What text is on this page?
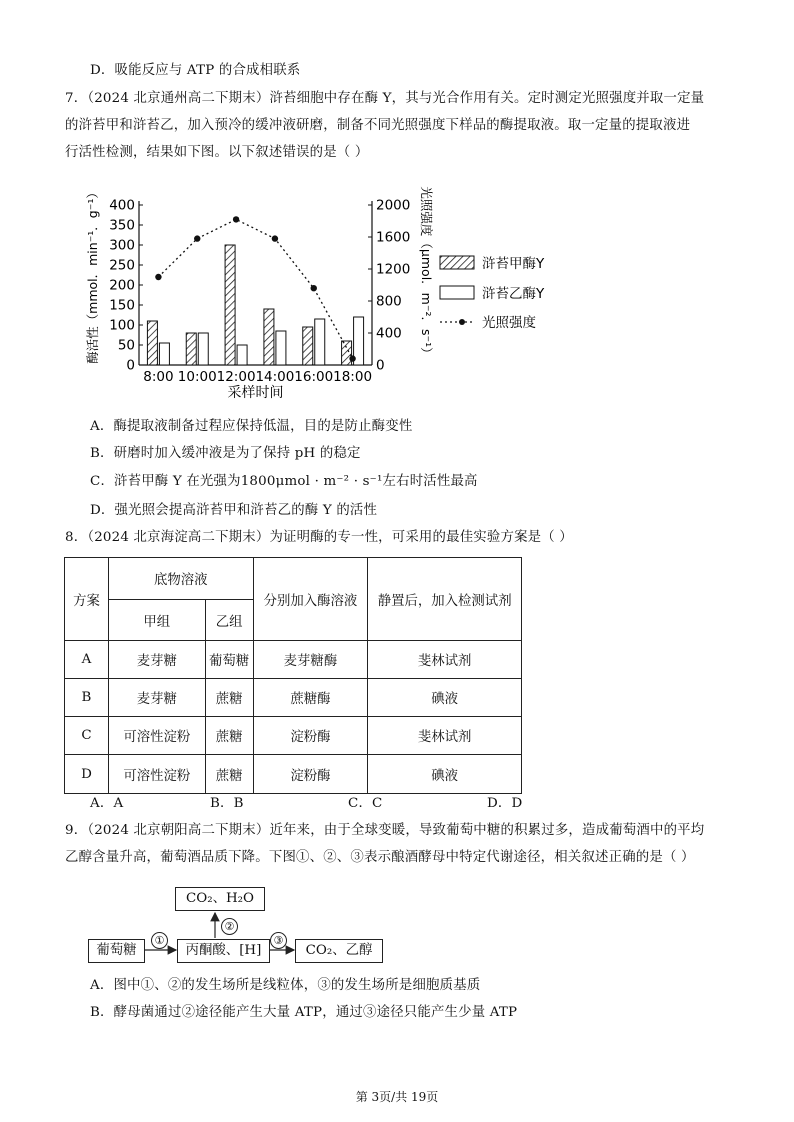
D．吸能反应与 ATP 的合成相联系
7．（2024 北京通州高二下期末）浒苔细胞中存在酶 Y，其与光合作用有关。定时测定光照强度并取一定量
的浒苔甲和浒苔乙，加入预冷的缓冲液研磨，制备不同光照强度下样品的酶提取液。取一定量的提取液进
行活性检测，结果如下图。以下叙述错误的是（ ）
0
50
100
150
200
250
300
350
400
0
400
800
1200
1600
2000
8:00 10:00 12:00 14:00 16:00 18:00
采样时间
酶活性（mmol．min⁻¹．g⁻¹）	光照强度（μmol．m⁻²．s⁻¹）	浒苔甲酶Y
浒苔乙酶Y
光照强度
A．酶提取液制备过程应保持低温，目的是防止酶变性
B．研磨时加入缓冲液是为了保持 pH 的稳定
C．浒苔甲酶 Y 在光强为1800μmol · m⁻² · s⁻¹左右时活性最高
D．强光照会提高浒苔甲和浒苔乙的酶 Y 的活性
8．（2024 北京海淀高二下期末）为证明酶的专一性，可采用的最佳实验方案是（ ）
方案	底物溶液		分别加入酶溶液	静置后，加入检测试剂
	甲组	乙组		
A	麦芽糖	葡萄糖	麦芽糖酶	斐林试剂
B	麦芽糖	蔗糖	蔗糖酶	碘液
C	可溶性淀粉	蔗糖	淀粉酶	斐林试剂
D	可溶性淀粉	蔗糖	淀粉酶	碘液
A．A	B．B	C．C	D．D
9．（2024 北京朝阳高二下期末）近年来，由于全球变暖，导致葡萄中糖的积累过多，造成葡萄酒中的平均
乙醇含量升高，葡萄酒品质下降。下图①、②、③表示酿酒酵母中特定代谢途径，相关叙述正确的是（ ）
CO₂、H₂O
葡萄糖	丙酮酸、[H]	CO₂、乙醇
①
②
③
A．图中①、②的发生场所是线粒体，③的发生场所是细胞质基质
B．酵母菌通过②途径能产生大量 ATP，通过③途径只能产生少量 ATP
第 3页/共 19页
